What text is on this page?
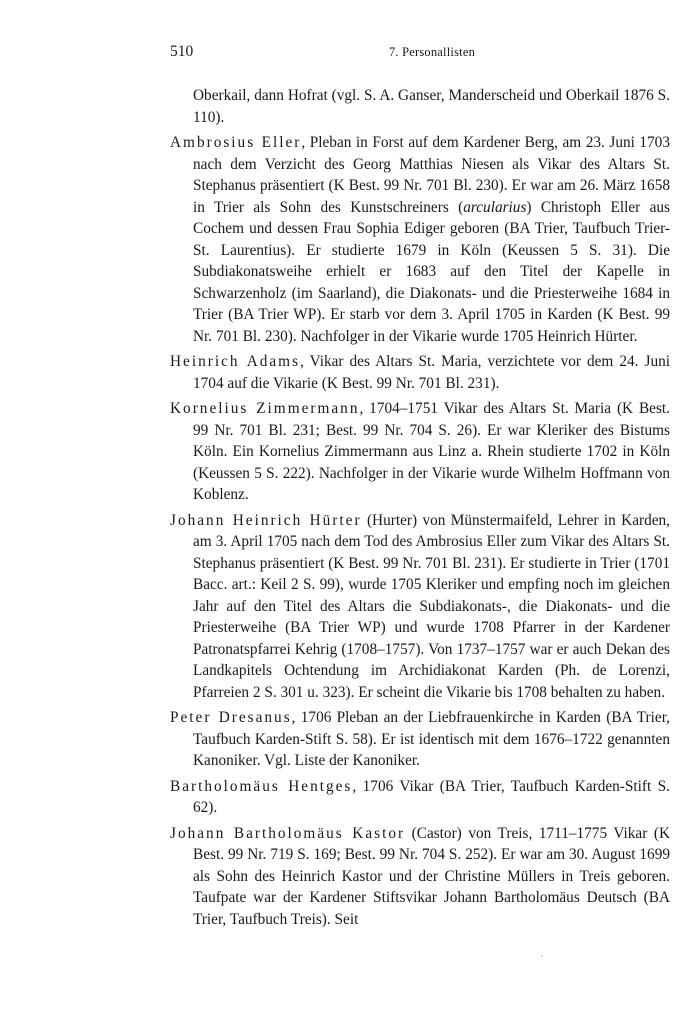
510	7. Personallisten

Oberkail, dann Hofrat (vgl. S. A. Ganser, Manderscheid und Oberkail 1876 S. 110).

Ambrosius Eller, Pleban in Forst auf dem Kardener Berg, am 23. Juni 1703 nach dem Verzicht des Georg Matthias Niesen als Vikar des Altars St. Stephanus präsentiert (K Best. 99 Nr. 701 Bl. 230). Er war am 26. März 1658 in Trier als Sohn des Kunstschreiners (arcularius) Christoph Eller aus Cochem und dessen Frau Sophia Ediger geboren (BA Trier, Taufbuch Trier-St. Laurentius). Er studierte 1679 in Köln (Keussen 5 S. 31). Die Subdiakonatsweihe erhielt er 1683 auf den Titel der Kapelle in Schwarzenholz (im Saarland), die Diakonats- und die Priesterweihe 1684 in Trier (BA Trier WP). Er starb vor dem 3. April 1705 in Karden (K Best. 99 Nr. 701 Bl. 230). Nachfolger in der Vikarie wurde 1705 Heinrich Hürter.

Heinrich Adams, Vikar des Altars St. Maria, verzichtete vor dem 24. Juni 1704 auf die Vikarie (K Best. 99 Nr. 701 Bl. 231).

Kornelius Zimmermann, 1704–1751 Vikar des Altars St. Maria (K Best. 99 Nr. 701 Bl. 231; Best. 99 Nr. 704 S. 26). Er war Kleriker des Bistums Köln. Ein Kornelius Zimmermann aus Linz a. Rhein studierte 1702 in Köln (Keussen 5 S. 222). Nachfolger in der Vikarie wurde Wilhelm Hoffmann von Koblenz.

Johann Heinrich Hürter (Hurter) von Münstermaifeld, Lehrer in Karden, am 3. April 1705 nach dem Tod des Ambrosius Eller zum Vikar des Altars St. Stephanus präsentiert (K Best. 99 Nr. 701 Bl. 231). Er studierte in Trier (1701 Bacc. art.: Keil 2 S. 99), wurde 1705 Kleriker und empfing noch im gleichen Jahr auf den Titel des Altars die Subdiakonats-, die Diakonats- und die Priesterweihe (BA Trier WP) und wurde 1708 Pfarrer in der Kardener Patronatspfarrei Kehrig (1708–1757). Von 1737–1757 war er auch Dekan des Landkapitels Ochtendung im Archidiakonat Karden (Ph. de Lorenzi, Pfarreien 2 S. 301 u. 323). Er scheint die Vikarie bis 1708 behalten zu haben.

Peter Dresanus, 1706 Pleban an der Liebfrauenkirche in Karden (BA Trier, Taufbuch Karden-Stift S. 58). Er ist identisch mit dem 1676–1722 genannten Kanoniker. Vgl. Liste der Kanoniker.

Bartholomäus Hentges, 1706 Vikar (BA Trier, Taufbuch Karden-Stift S. 62).

Johann Bartholomäus Kastor (Castor) von Treis, 1711–1775 Vikar (K Best. 99 Nr. 719 S. 169; Best. 99 Nr. 704 S. 252). Er war am 30. August 1699 als Sohn des Heinrich Kastor und der Christine Müllers in Treis geboren. Taufpate war der Kardener Stiftsvikar Johann Bartholomäus Deutsch (BA Trier, Taufbuch Treis). Seit

·
